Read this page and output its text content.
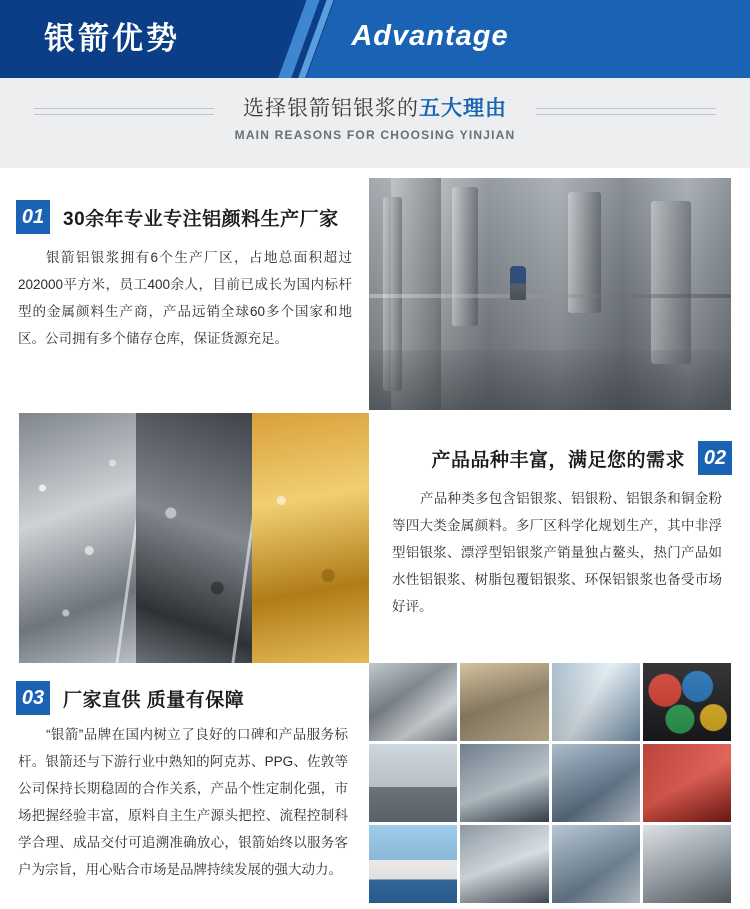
银箭优势	Advantage
选择银箭铝银浆的五大理由
MAIN REASONS FOR CHOOSING YINJIAN
01 30余年专业专注铝颜料生产厂家
银箭铝银浆拥有6个生产厂区，占地总面积超过202000平方米，员工400余人，目前已成长为国内标杆型的金属颜料生产商，产品远销全球60多个国家和地区。公司拥有多个储存仓库，保证货源充足。
产品品种丰富，满足您的需求 02
产品种类多包含铝银浆、铝银粉、铝银条和铜金粉等四大类金属颜料。多厂区科学化规划生产，其中非浮型铝银浆、漂浮型铝银浆产销量独占鳌头，热门产品如水性铝银浆、树脂包覆铝银浆、环保铝银浆也备受市场好评。
03 厂家直供 质量有保障
“银箭”品牌在国内树立了良好的口碑和产品服务标杆。银箭还与下游行业中熟知的阿克苏、PPG、佐敦等公司保持长期稳固的合作关系，产品个性定制化强，市场把握经验丰富，原料自主生产源头把控、流程控制科学合理、成品交付可追溯准确放心，银箭始终以服务客户为宗旨，用心贴合市场是品牌持续发展的强大动力。
